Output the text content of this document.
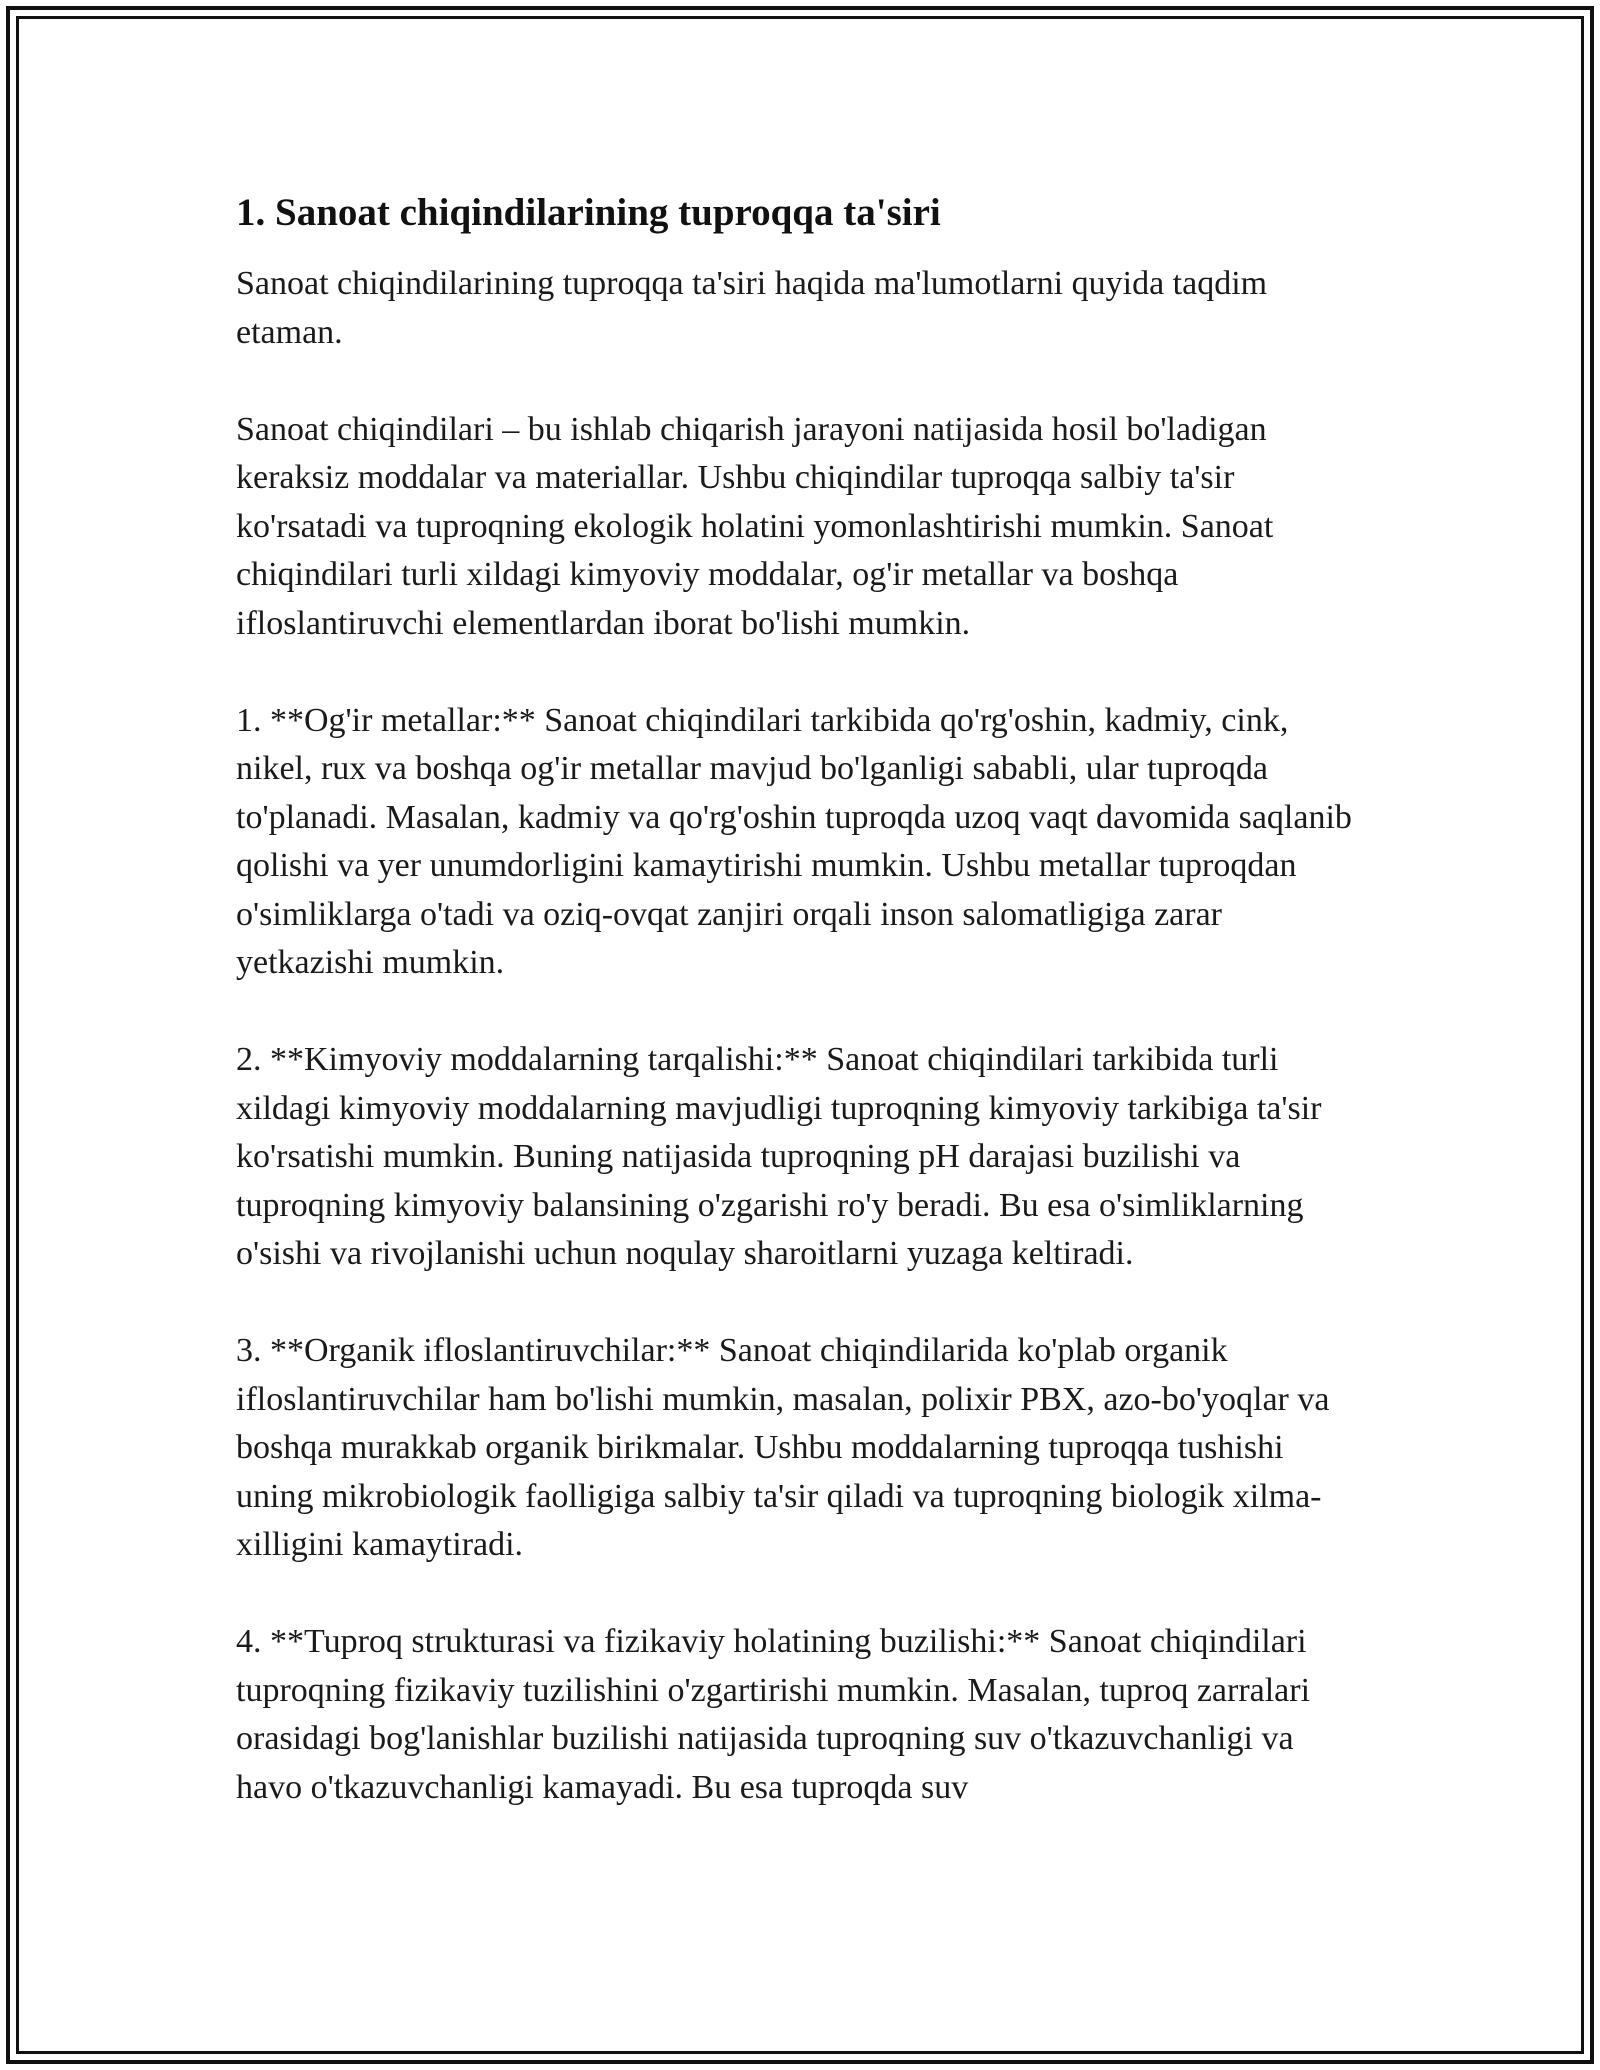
1. Sanoat chiqindilarining tuproqqa ta'siri

Sanoat chiqindilarining tuproqqa ta'siri haqida ma'lumotlarni quyida taqdim etaman.

Sanoat chiqindilari – bu ishlab chiqarish jarayoni natijasida hosil bo'ladigan keraksiz moddalar va materiallar. Ushbu chiqindilar tuproqqa salbiy ta'sir ko'rsatadi va tuproqning ekologik holatini yomonlashtirishi mumkin. Sanoat chiqindilari turli xildagi kimyoviy moddalar, og'ir metallar va boshqa ifloslantiruvchi elementlardan iborat bo'lishi mumkin.

1. **Og'ir metallar:** Sanoat chiqindilari tarkibida qo'rg'oshin, kadmiy, cink, nikel, rux va boshqa og'ir metallar mavjud bo'lganligi sababli, ular tuproqda to'planadi. Masalan, kadmiy va qo'rg'oshin tuproqda uzoq vaqt davomida saqlanib qolishi va yer unumdorligini kamaytirishi mumkin. Ushbu metallar tuproqdan o'simliklarga o'tadi va oziq-ovqat zanjiri orqali inson salomatligiga zarar yetkazishi mumkin.

2. **Kimyoviy moddalarning tarqalishi:** Sanoat chiqindilari tarkibida turli xildagi kimyoviy moddalarning mavjudligi tuproqning kimyoviy tarkibiga ta'sir ko'rsatishi mumkin. Buning natijasida tuproqning pH darajasi buzilishi va tuproqning kimyoviy balansining o'zgarishi ro'y beradi. Bu esa o'simliklarning o'sishi va rivojlanishi uchun noqulay sharoitlarni yuzaga keltiradi.

3. **Organik ifloslantiruvchilar:** Sanoat chiqindilarida ko'plab organik ifloslantiruvchilar ham bo'lishi mumkin, masalan, polixir PBX, azo-bo'yoqlar va boshqa murakkab organik birikmalar. Ushbu moddalarning tuproqqa tushishi uning mikrobiologik faolligiga salbiy ta'sir qiladi va tuproqning biologik xilma-xilligini kamaytiradi.

4. **Tuproq strukturasi va fizikaviy holatining buzilishi:** Sanoat chiqindilari tuproqning fizikaviy tuzilishini o'zgartirishi mumkin. Masalan, tuproq zarralari orasidagi bog'lanishlar buzilishi natijasida tuproqning suv o'tkazuvchanligi va havo o'tkazuvchanligi kamayadi. Bu esa tuproqda suv
